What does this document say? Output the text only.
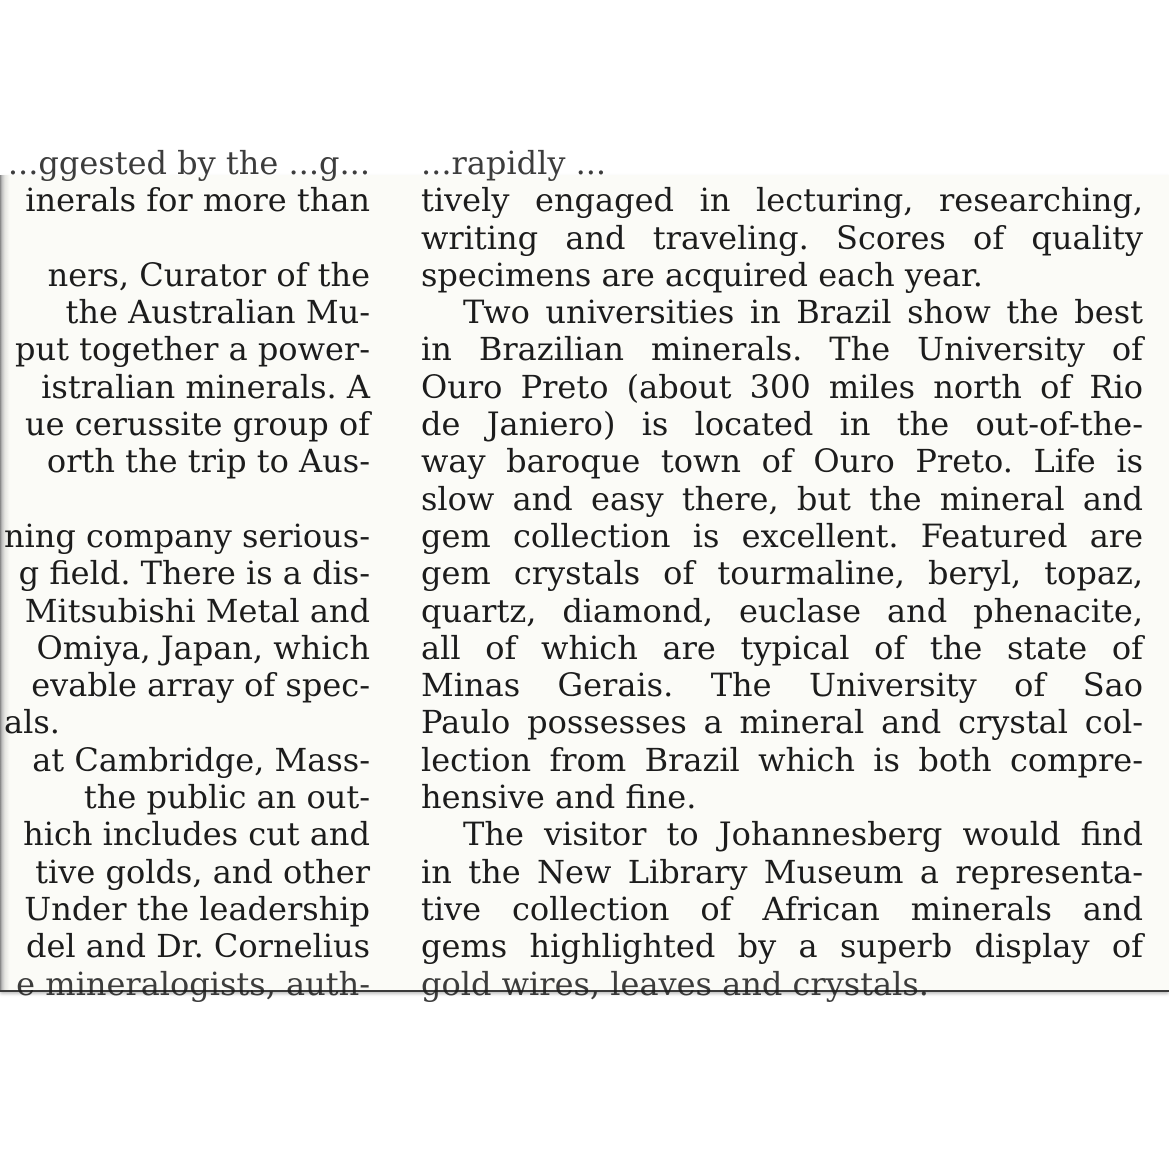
...ggested by the ...g...
inerals for more than
ners, Curator of the
the Australian Mu-
put together a power-
istralian minerals. A
ue cerussite group of
orth the trip to Aus-
ning company serious-
g field. There is a dis-
Mitsubishi Metal and
Omiya, Japan, which
evable array of spec-
als.
at Cambridge, Mass-
the public an out-
hich includes cut and
tive golds, and other
Under the leadership
del and Dr. Cornelius
e mineralogists, auth-
...rapidly ...
tively engaged in lecturing, researching,
writing and traveling. Scores of quality
specimens are acquired each year.
Two universities in Brazil show the best
in Brazilian minerals. The University of
Ouro Preto (about 300 miles north of Rio
de Janiero) is located in the out-of-the-
way baroque town of Ouro Preto. Life is
slow and easy there, but the mineral and
gem collection is excellent. Featured are
gem crystals of tourmaline, beryl, topaz,
quartz, diamond, euclase and phenacite,
all of which are typical of the state of
Minas Gerais. The University of Sao
Paulo possesses a mineral and crystal col-
lection from Brazil which is both compre-
hensive and fine.
The visitor to Johannesberg would find
in the New Library Museum a representa-
tive collection of African minerals and
gems highlighted by a superb display of
gold wires, leaves and crystals.
